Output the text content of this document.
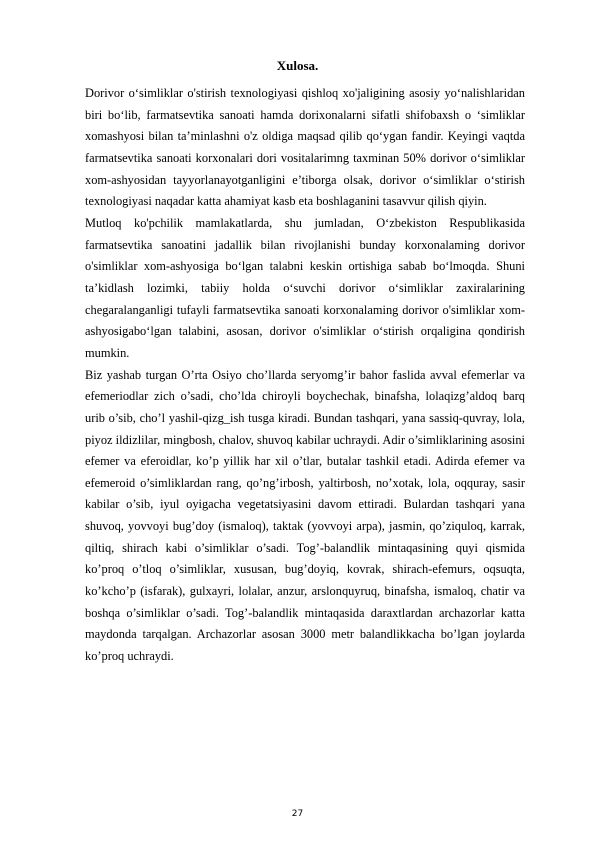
Xulosa.

Dorivor o‘simliklar o'stirish texnologiyasi qishloq xo'jaligining asosiy yo‘nalishlaridan biri bo‘lib, farmatsevtika sanoati hamda dorixonalarni sifatli shifobaxsh o ‘simliklar xomashyosi bilan ta’minlashni o'z oldiga maqsad qilib qo‘ygan fandir. Keyingi vaqtda farmatsevtika sanoati korxonalari dori vositalarimng taxminan 50% dorivor o‘simliklar xom-ashyosidan tayyorlanayotganligini e’tiborga olsak, dorivor o‘simliklar o‘stirish texnologiyasi naqadar katta ahamiyat kasb eta boshlaganini tasavvur qilish qiyin.

Mutloq ko'pchilik mamlakatlarda, shu jumladan, O‘zbekiston Respublikasida farmatsevtika sanoatini jadallik bilan rivojlanishi bunday korxonalaming dorivor o'simliklar xom-ashyosiga bo‘lgan talabni keskin ortishiga sabab bo‘lmoqda. Shuni ta’kidlash lozimki, tabiiy holda o‘suvchi dorivor o‘simliklar zaxiralarining chegaralanganligi tufayli farmatsevtika sanoati korxonalaming dorivor o'simliklar xom-ashyosigabo‘lgan talabini, asosan, dorivor o'simliklar o‘stirish orqaligina qondirish mumkin.

Biz yashab turgan O’rta Osiyo cho’llarda seryomg’ir bahor faslida avval efemerlar va efemeriodlar zich o’sadi, cho’lda chiroyli boychechak, binafsha, lolaqizg’aldoq barq urib o’sib, cho’l yashil-qizg_ish tusga kiradi. Bundan tashqari, yana sassiq-quvray, lola, piyoz ildizlilar, mingbosh, chalov, shuvoq kabilar uchraydi. Adir o’simliklarining asosini efemer va eferoidlar, ko’p yillik har xil o’tlar, butalar tashkil etadi. Adirda efemer va efemeroid o’simliklardan rang, qo’ng’irbosh, yaltirbosh, no’xotak, lola, oqquray, sasir kabilar o’sib, iyul oyigacha vegetatsiyasini davom ettiradi. Bulardan tashqari yana shuvoq, yovvoyi bug’doy (ismaloq), taktak (yovvoyi arpa), jasmin, qo’ziquloq, karrak, qiltiq, shirach kabi o’simliklar o’sadi. Tog’-balandlik mintaqasining quyi qismida ko’proq o’tloq o’simliklar, xususan, bug’doyiq, kovrak, shirach-efemurs, oqsuqta, ko’kcho’p (isfarak), gulxayri, lolalar, anzur, arslonquyruq, binafsha, ismaloq, chatir va boshqa o’simliklar o’sadi. Tog’-balandlik mintaqasida daraxtlardan archazorlar katta maydonda tarqalgan. Archazorlar asosan 3000 metr balandlikkacha bo’lgan joylarda ko’proq uchraydi.

27
